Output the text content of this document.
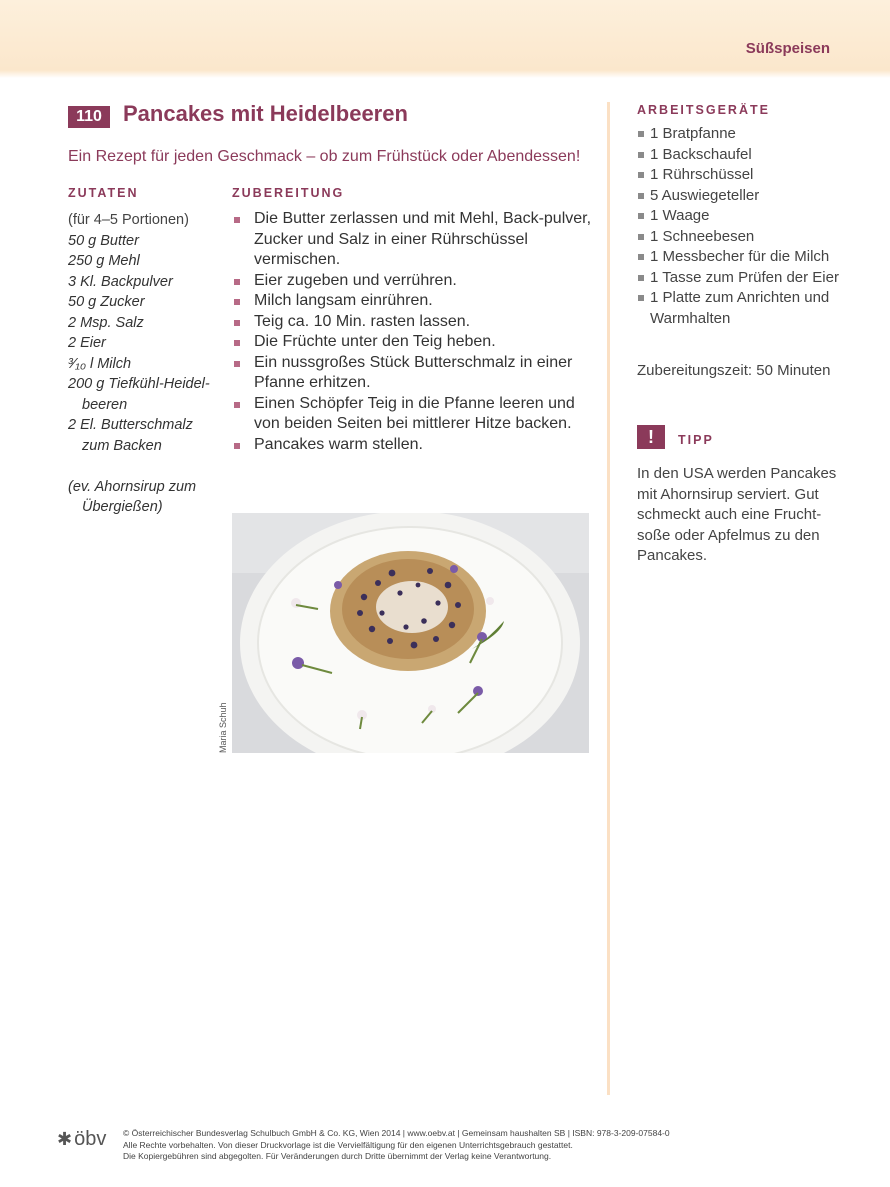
Süßspeisen
110 Pancakes mit Heidelbeeren
Ein Rezept für jeden Geschmack – ob zum Frühstück oder Abendessen!
ZUTATEN
(für 4–5 Portionen)
50 g Butter
250 g Mehl
3 Kl. Backpulver
50 g Zucker
2 Msp. Salz
2 Eier
³⁄₁₀ l Milch
200 g Tiefkühl-Heidel-
beeren
2 El. Butterschmalz
zum Backen
(ev. Ahornsirup zum
Übergießen)
ZUBEREITUNG
Die Butter zerlassen und mit Mehl, Back-pulver, Zucker und Salz in einer Rührschüssel vermischen.
Eier zugeben und verrühren.
Milch langsam einrühren.
Teig ca. 10 Min. rasten lassen.
Die Früchte unter den Teig heben.
Ein nussgroßes Stück Butterschmalz in einer Pfanne erhitzen.
Einen Schöpfer Teig in die Pfanne leeren und von beiden Seiten bei mittlerer Hitze backen.
Pancakes warm stellen.
Maria Schuh
ARBEITSGERÄTE
1 Bratpfanne
1 Backschaufel
1 Rührschüssel
5 Auswiegeteller
1 Waage
1 Schneebesen
1 Messbecher für die Milch
1 Tasse zum Prüfen der Eier
1 Platte zum Anrichten und Warmhalten
Zubereitungszeit: 50 Minuten
!	TIPP
In den USA werden Pancakes mit Ahornsirup serviert. Gut schmeckt auch eine Frucht-soße oder Apfelmus zu den Pancakes.
✱ öbv © Österreichischer Bundesverlag Schulbuch GmbH & Co. KG, Wien 2014 | www.oebv.at | Gemeinsam haushalten SB | ISBN: 978-3-209-07584-0
Alle Rechte vorbehalten. Von dieser Druckvorlage ist die Vervielfältigung für den eigenen Unterrichtsgebrauch gestattet.
Die Kopiergebühren sind abgegolten. Für Veränderungen durch Dritte übernimmt der Verlag keine Verantwortung.
